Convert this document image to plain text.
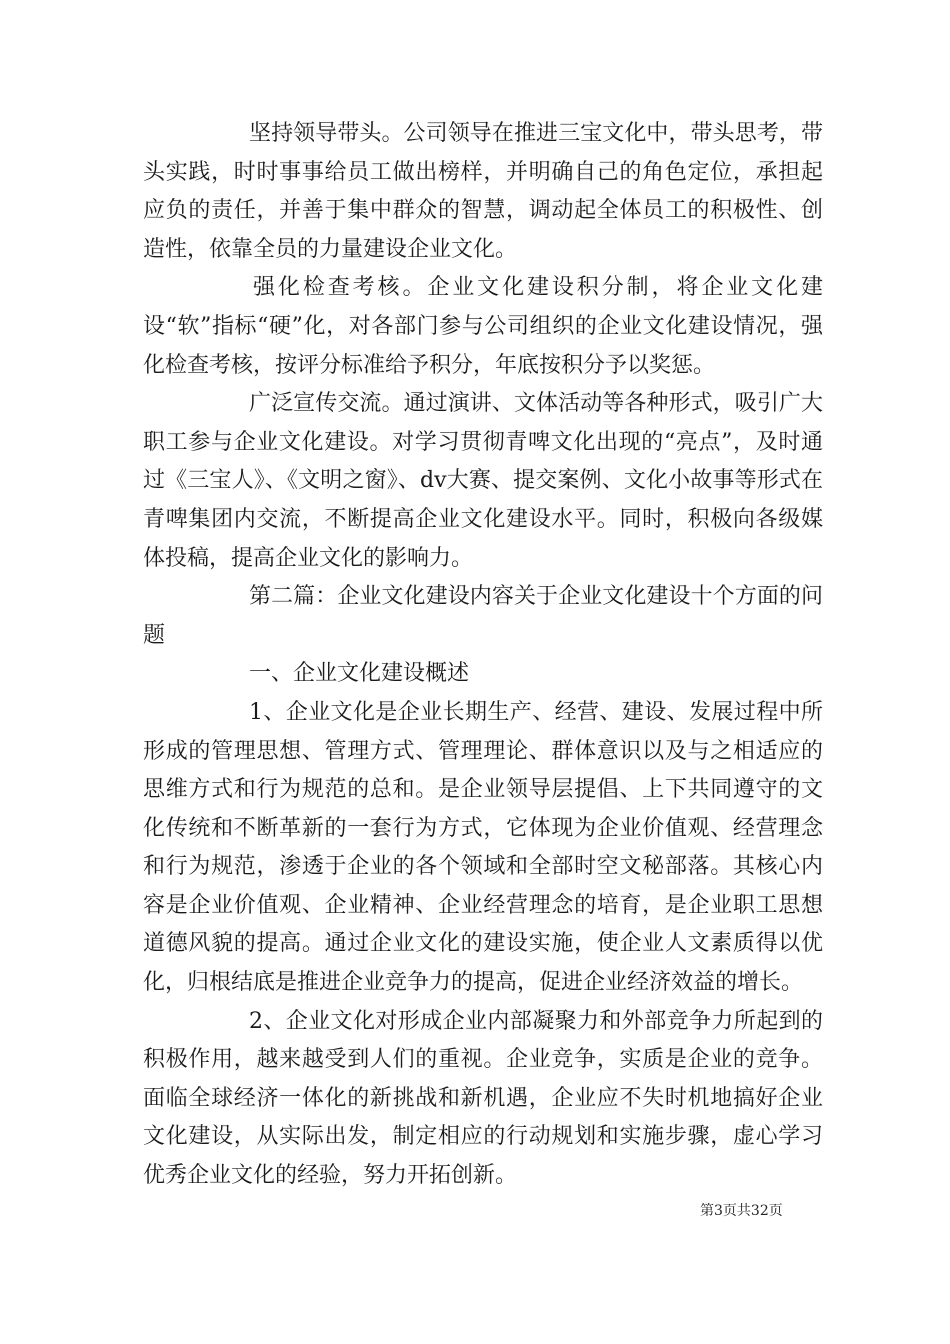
坚持领导带头。公司领导在推进三宝文化中，带头思考，带头实践，时时事事给员工做出榜样，并明确自己的角色定位，承担起应负的责任，并善于集中群众的智慧，调动起全体员工的积极性、创造性，依靠全员的力量建设企业文化。

强化检查考核。企业文化建设积分制，将企业文化建设“软”指标“硬”化，对各部门参与公司组织的企业文化建设情况，强化检查考核，按评分标准给予积分，年底按积分予以奖惩。

广泛宣传交流。通过演讲、文体活动等各种形式，吸引广大职工参与企业文化建设。对学习贯彻青啤文化出现的“亮点”，及时通过《三宝人》、《文明之窗》、dv大赛、提交案例、文化小故事等形式在青啤集团内交流，不断提高企业文化建设水平。同时，积极向各级媒体投稿，提高企业文化的影响力。

第二篇：企业文化建设内容关于企业文化建设十个方面的问题

一、企业文化建设概述

1、企业文化是企业长期生产、经营、建设、发展过程中所形成的管理思想、管理方式、管理理论、群体意识以及与之相适应的思维方式和行为规范的总和。是企业领导层提倡、上下共同遵守的文化传统和不断革新的一套行为方式，它体现为企业价值观、经营理念和行为规范，渗透于企业的各个领域和全部时空文秘部落。其核心内容是企业价值观、企业精神、企业经营理念的培育，是企业职工思想道德风貌的提高。通过企业文化的建设实施，使企业人文素质得以优化，归根结底是推进企业竞争力的提高，促进企业经济效益的增长。

2、企业文化对形成企业内部凝聚力和外部竞争力所起到的积极作用，越来越受到人们的重视。企业竞争，实质是企业的竞争。面临全球经济一体化的新挑战和新机遇，企业应不失时机地搞好企业文化建设，从实际出发，制定相应的行动规划和实施步骤，虚心学习优秀企业文化的经验，努力开拓创新。

第3页共32页
